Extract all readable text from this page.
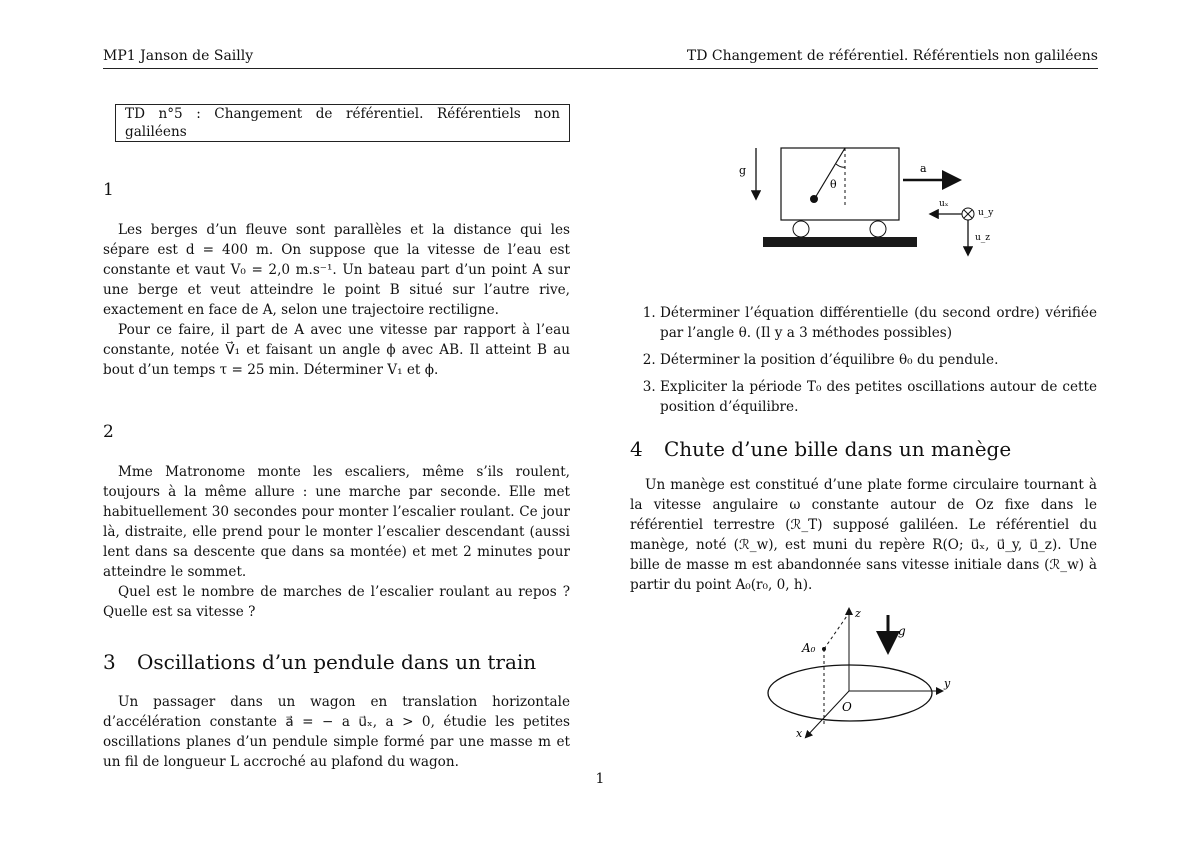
MP1 Janson de Sailly	TD Changement de référentiel. Référentiels non galiléens
TD n°5 : Changement de référentiel. Référentiels non galiléens
1

Les berges d’un fleuve sont parallèles et la distance qui les sépare est d = 400 m. On suppose que la vitesse de l’eau est constante et vaut V₀ = 2,0 m.s⁻¹. Un bateau part d’un point A sur une berge et veut atteindre le point B situé sur l’autre rive, exactement en face de A, selon une trajectoire rectiligne.

Pour ce faire, il part de A avec une vitesse par rapport à l’eau constante, notée V⃗₁ et faisant un angle ϕ avec AB. Il atteint B au bout d’un temps τ = 25 min. Déterminer V₁ et ϕ.

2

Mme Matronome monte les escaliers, même s’ils roulent, toujours à la même allure : une marche par seconde. Elle met habituellement 30 secondes pour monter l’escalier roulant. Ce jour là, distraite, elle prend pour le monter l’escalier descendant (aussi lent dans sa descente que dans sa montée) et met 2 minutes pour atteindre le sommet.

Quel est le nombre de marches de l’escalier roulant au repos ? Quelle est sa vitesse ?

3 Oscillations d’un pendule dans un train

Un passager dans un wagon en translation horizontale d’accélération constante a⃗ = − a u⃗ₓ, a > 0, étudie les petites oscillations planes d’un pendule simple formé par une masse m et un fil de longueur L accroché au plafond du wagon.

g
θ
a
uₓ
u_y
u_z
1. Déterminer l’équation différentielle (du second ordre) vérifiée par l’angle θ. (Il y a 3 méthodes possibles)
2. Déterminer la position d’équilibre θ₀ du pendule.
3. Expliciter la période T₀ des petites oscillations autour de cette position d’équilibre.
4 Chute d’une bille dans un manège

Un manège est constitué d’une plate forme circulaire tournant à la vitesse angulaire ω constante autour de Oz fixe dans le référentiel terrestre (ℛ_T) supposé galiléen. Le référentiel du manège, noté (ℛ_w), est muni du repère R(O; u⃗ₓ, u⃗_y, u⃗_z). Une bille de masse m est abandonnée sans vitesse initiale dans (ℛ_w) à partir du point A₀(r₀, 0, h).

z
y
x
O
A₀
g
1
